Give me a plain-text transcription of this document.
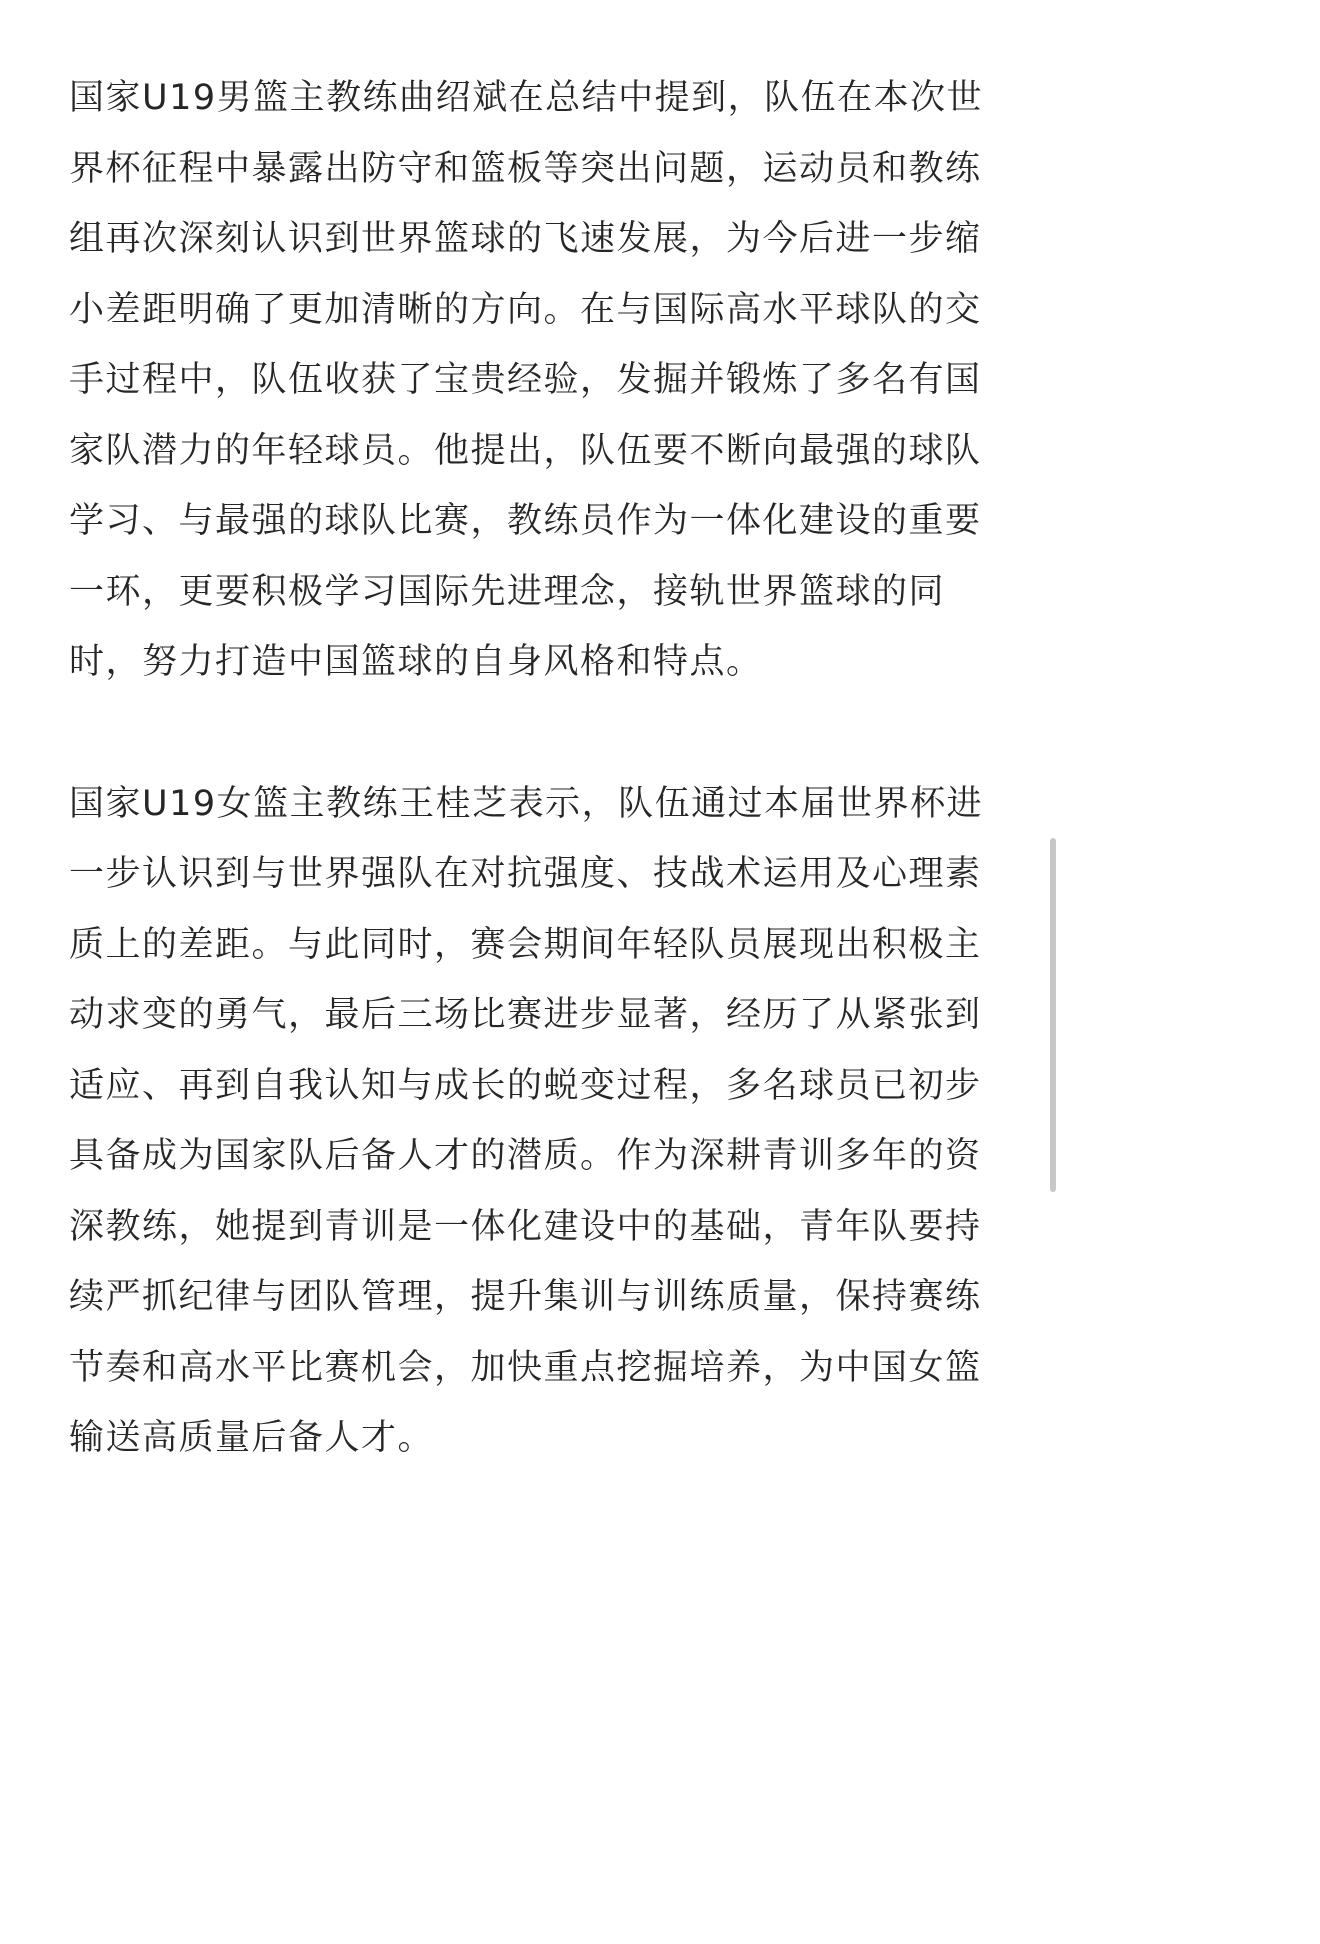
国家U19男篮主教练曲绍斌在总结中提到，队伍在本次世界杯征程中暴露出防守和篮板等突出问题，运动员和教练组再次深刻认识到世界篮球的飞速发展，为今后进一步缩小差距明确了更加清晰的方向。在与国际高水平球队的交手过程中，队伍收获了宝贵经验，发掘并锻炼了多名有国家队潜力的年轻球员。他提出，队伍要不断向最强的球队学习、与最强的球队比赛，教练员作为一体化建设的重要一环，更要积极学习国际先进理念，接轨世界篮球的同时，努力打造中国篮球的自身风格和特点。

国家U19女篮主教练王桂芝表示，队伍通过本届世界杯进一步认识到与世界强队在对抗强度、技战术运用及心理素质上的差距。与此同时，赛会期间年轻队员展现出积极主动求变的勇气，最后三场比赛进步显著，经历了从紧张到适应、再到自我认知与成长的蜕变过程，多名球员已初步具备成为国家队后备人才的潜质。作为深耕青训多年的资深教练，她提到青训是一体化建设中的基础，青年队要持续严抓纪律与团队管理，提升集训与训练质量，保持赛练节奏和高水平比赛机会，加快重点挖掘培养，为中国女篮输送高质量后备人才。
